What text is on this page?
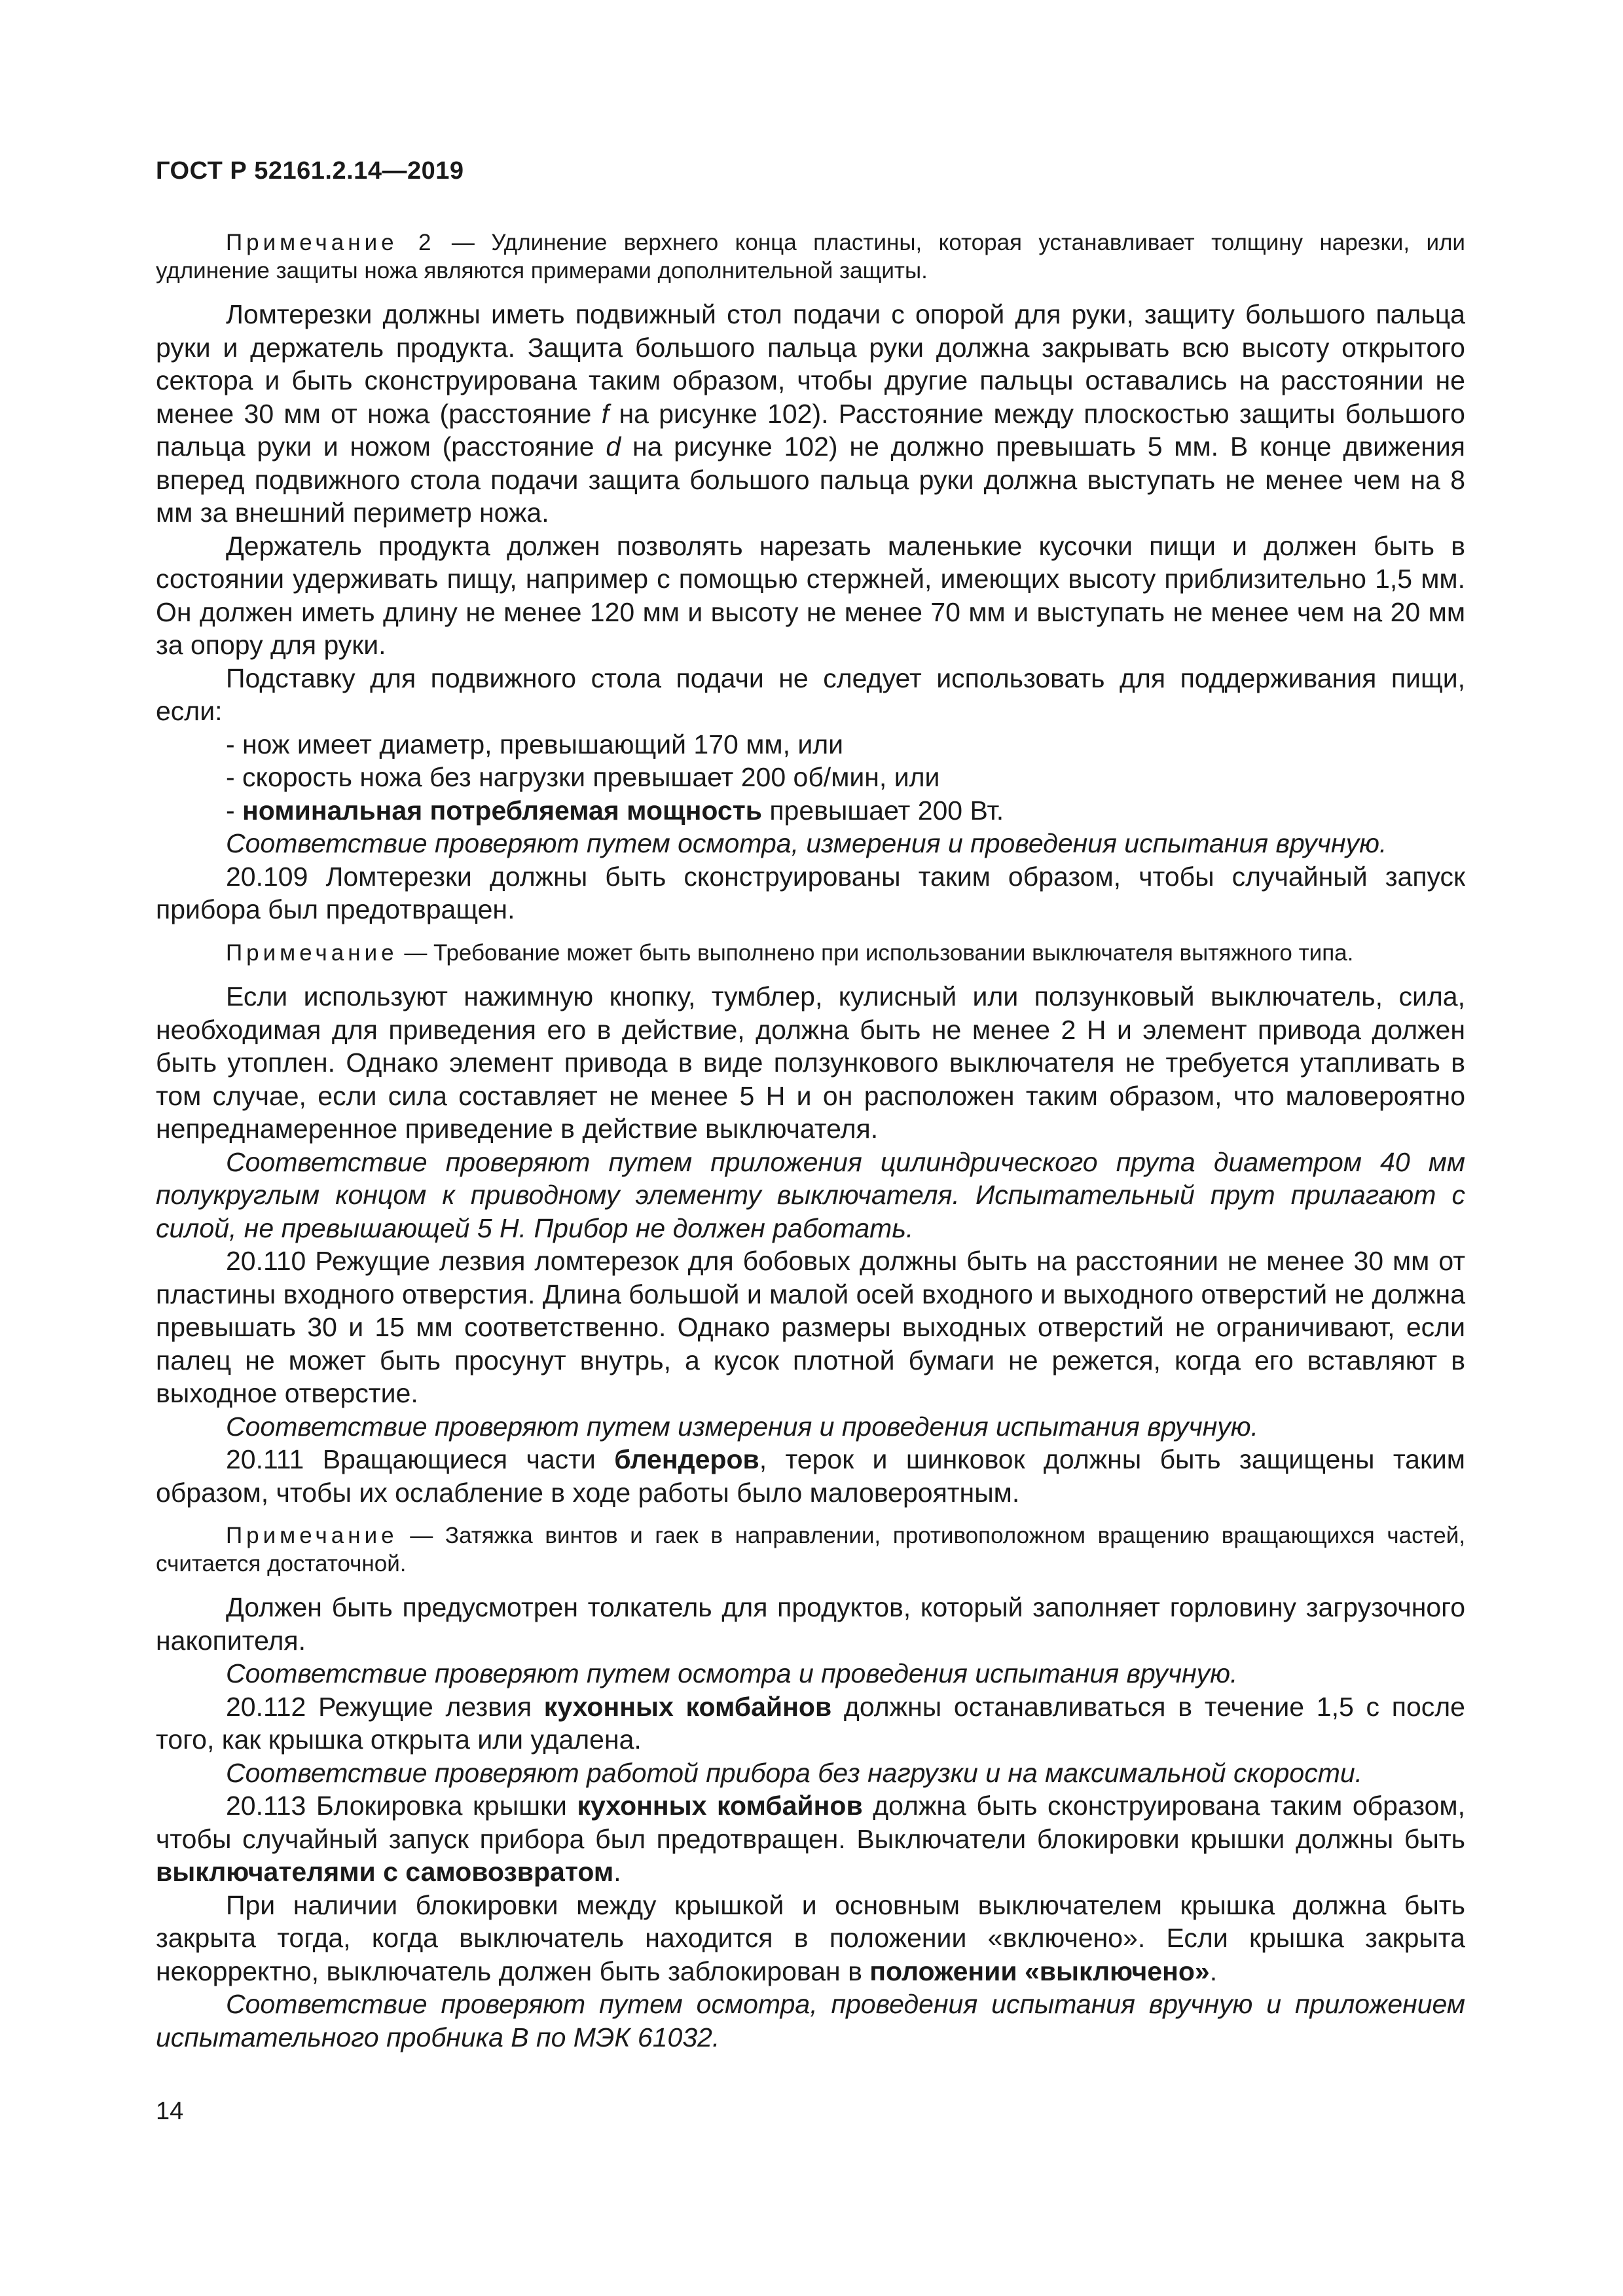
ГОСТ Р 52161.2.14—2019

Примечание 2 — Удлинение верхнего конца пластины, которая устанавливает толщину нарезки, или удлинение защиты ножа являются примерами дополнительной защиты.

Ломтерезки должны иметь подвижный стол подачи с опорой для руки, защиту большого пальца руки и держатель продукта. Защита большого пальца руки должна закрывать всю высоту открытого сектора и быть сконструирована таким образом, чтобы другие пальцы оставались на расстоянии не менее 30 мм от ножа (расстояние f на рисунке 102). Расстояние между плоскостью защиты большого пальца руки и ножом (расстояние d на рисунке 102) не должно превышать 5 мм. В конце движения вперед подвижного стола подачи защита большого пальца руки должна выступать не менее чем на 8 мм за внешний периметр ножа.

Держатель продукта должен позволять нарезать маленькие кусочки пищи и должен быть в состоянии удерживать пищу, например с помощью стержней, имеющих высоту приблизительно 1,5 мм. Он должен иметь длину не менее 120 мм и высоту не менее 70 мм и выступать не менее чем на 20 мм за опору для руки.

Подставку для подвижного стола подачи не следует использовать для поддерживания пищи, если:

- нож имеет диаметр, превышающий 170 мм, или

- скорость ножа без нагрузки превышает 200 об/мин, или

- номинальная потребляемая мощность превышает 200 Вт.

Соответствие проверяют путем осмотра, измерения и проведения испытания вручную.

20.109 Ломтерезки должны быть сконструированы таким образом, чтобы случайный запуск прибора был предотвращен.

Примечание — Требование может быть выполнено при использовании выключателя вытяжного типа.

Если используют нажимную кнопку, тумблер, кулисный или ползунковый выключатель, сила, необходимая для приведения его в действие, должна быть не менее 2 Н и элемент привода должен быть утоплен. Однако элемент привода в виде ползункового выключателя не требуется утапливать в том случае, если сила составляет не менее 5 Н и он расположен таким образом, что маловероятно непреднамеренное приведение в действие выключателя.

Соответствие проверяют путем приложения цилиндрического прута диаметром 40 мм полукруглым концом к приводному элементу выключателя. Испытательный прут прилагают с силой, не превышающей 5 Н. Прибор не должен работать.

20.110 Режущие лезвия ломтерезок для бобовых должны быть на расстоянии не менее 30 мм от пластины входного отверстия. Длина большой и малой осей входного и выходного отверстий не должна превышать 30 и 15 мм соответственно. Однако размеры выходных отверстий не ограничивают, если палец не может быть просунут внутрь, а кусок плотной бумаги не режется, когда его вставляют в выходное отверстие.

Соответствие проверяют путем измерения и проведения испытания вручную.

20.111 Вращающиеся части блендеров, терок и шинковок должны быть защищены таким образом, чтобы их ослабление в ходе работы было маловероятным.

Примечание — Затяжка винтов и гаек в направлении, противоположном вращению вращающихся частей, считается достаточной.

Должен быть предусмотрен толкатель для продуктов, который заполняет горловину загрузочного накопителя.

Соответствие проверяют путем осмотра и проведения испытания вручную.

20.112 Режущие лезвия кухонных комбайнов должны останавливаться в течение 1,5 с после того, как крышка открыта или удалена.

Соответствие проверяют работой прибора без нагрузки и на максимальной скорости.

20.113 Блокировка крышки кухонных комбайнов должна быть сконструирована таким образом, чтобы случайный запуск прибора был предотвращен. Выключатели блокировки крышки должны быть выключателями с самовозвратом.

При наличии блокировки между крышкой и основным выключателем крышка должна быть закрыта тогда, когда выключатель находится в положении «включено». Если крышка закрыта некорректно, выключатель должен быть заблокирован в положении «выключено».

Соответствие проверяют путем осмотра, проведения испытания вручную и приложением испытательного пробника В по МЭК 61032.

14
